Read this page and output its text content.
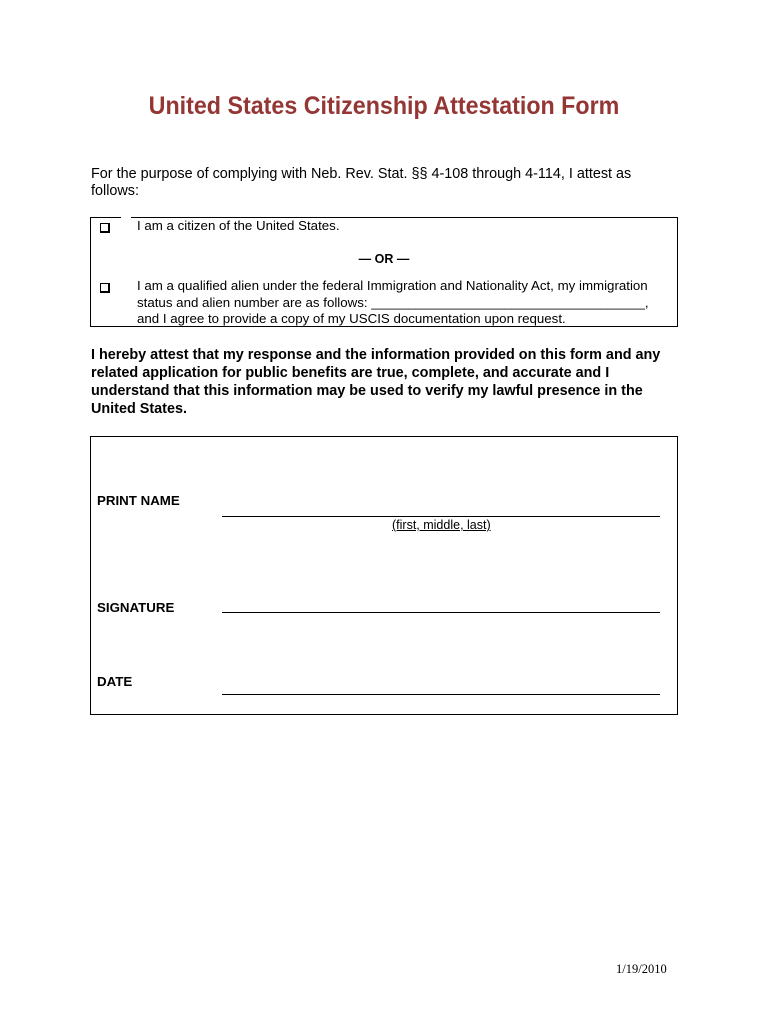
United States Citizenship Attestation Form
For the purpose of complying with Neb. Rev. Stat. §§ 4-108 through 4-114, I attest as follows:
I am a citizen of the United States.
— OR —
I am a qualified alien under the federal Immigration and Nationality Act, my immigration
status and alien number are as follows: _____________________________________,
and I agree to provide a copy of my USCIS documentation upon request.
I hereby attest that my response and the information provided on this form and any related application for public benefits are true, complete, and accurate and I understand that this information may be used to verify my lawful presence in the United States.
PRINT NAME
(first, middle, last)
SIGNATURE
DATE
1/19/2010
